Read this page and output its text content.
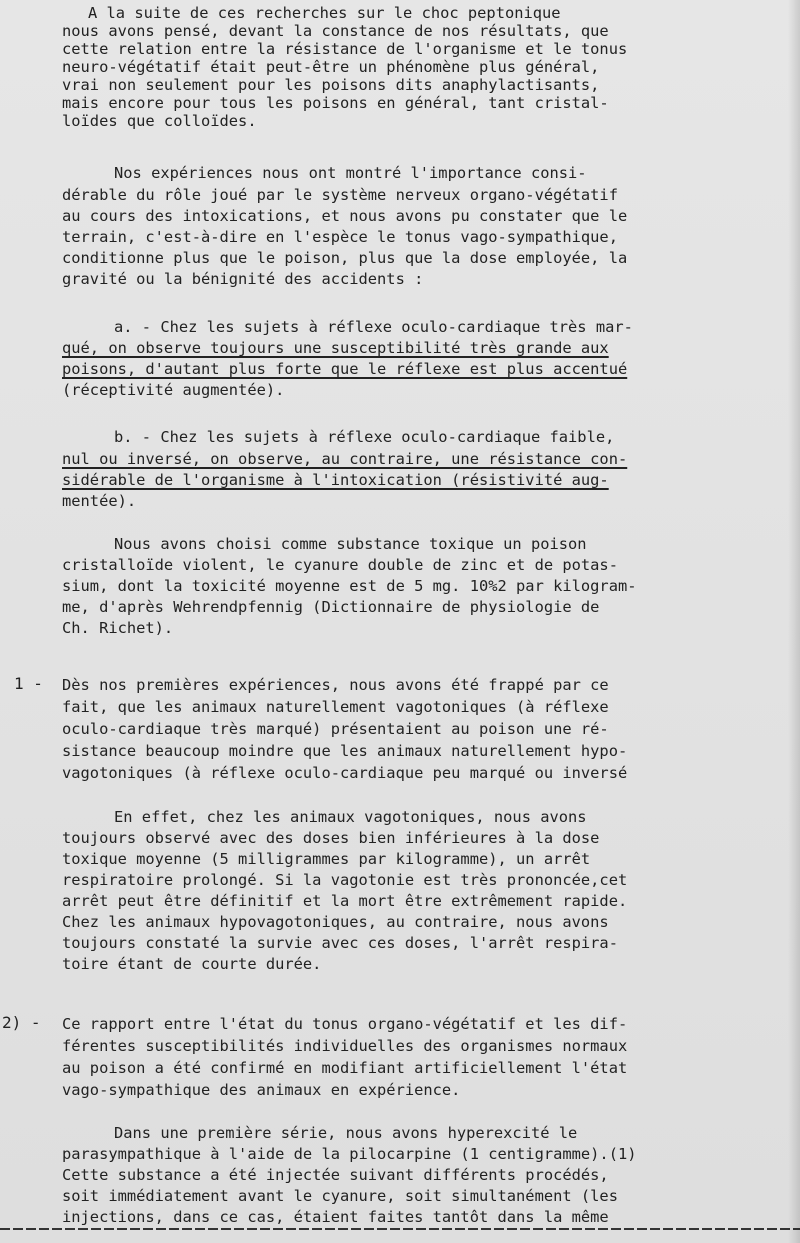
A la suite de ces recherches sur le choc peptonique
nous avons pensé, devant la constance de nos résultats, que
cette relation entre la résistance de l'organisme et le tonus
neuro-végétatif était peut-être un phénomène plus général,
vrai non seulement pour les poisons dits anaphylactisants,
mais encore pour tous les poisons en général, tant cristal-
loïdes que colloïdes.
Nos expériences nous ont montré l'importance consi-
dérable du rôle joué par le système nerveux organo-végétatif
au cours des intoxications, et nous avons pu constater que le
terrain, c'est-à-dire en l'espèce le tonus vago-sympathique,
conditionne plus que le poison, plus que la dose employée, la
gravité ou la bénignité des accidents :
a. - Chez les sujets à réflexe oculo-cardiaque très mar-
qué, on observe toujours une susceptibilité très grande aux
poisons, d'autant plus forte que le réflexe est plus accentué
(réceptivité augmentée).
b. - Chez les sujets à réflexe oculo-cardiaque faible,
nul ou inversé, on observe, au contraire, une résistance con-
sidérable de l'organisme à l'intoxication (résistivité aug-
mentée).
Nous avons choisi comme substance toxique un poison
cristalloïde violent, le cyanure double de zinc et de potas-
sium, dont la toxicité moyenne est de 5 mg. 10%2 par kilogram-
me, d'après Wehrendpfennig (Dictionnaire de physiologie de
Ch. Richet).
1 - Dès nos premières expériences, nous avons été frappé par ce
fait, que les animaux naturellement vagotoniques (à réflexe
oculo-cardiaque très marqué) présentaient au poison une ré-
sistance beaucoup moindre que les animaux naturellement hypo-
vagotoniques (à réflexe oculo-cardiaque peu marqué ou inversé
En effet, chez les animaux vagotoniques, nous avons
toujours observé avec des doses bien inférieures à la dose
toxique moyenne (5 milligrammes par kilogramme), un arrêt
respiratoire prolongé. Si la vagotonie est très prononcée,cet
arrêt peut être définitif et la mort être extrêmement rapide.
Chez les animaux hypovagotoniques, au contraire, nous avons
toujours constaté la survie avec ces doses, l'arrêt respira-
toire étant de courte durée.
2) - Ce rapport entre l'état du tonus organo-végétatif et les dif-
férentes susceptibilités individuelles des organismes normaux
au poison a été confirmé en modifiant artificiellement l'état
vago-sympathique des animaux en expérience.
Dans une première série, nous avons hyperexcité le
parasympathique à l'aide de la pilocarpine (1 centigramme).(1)
Cette substance a été injectée suivant différents procédés,
soit immédiatement avant le cyanure, soit simultanément (les
injections, dans ce cas, étaient faites tantôt dans la même
